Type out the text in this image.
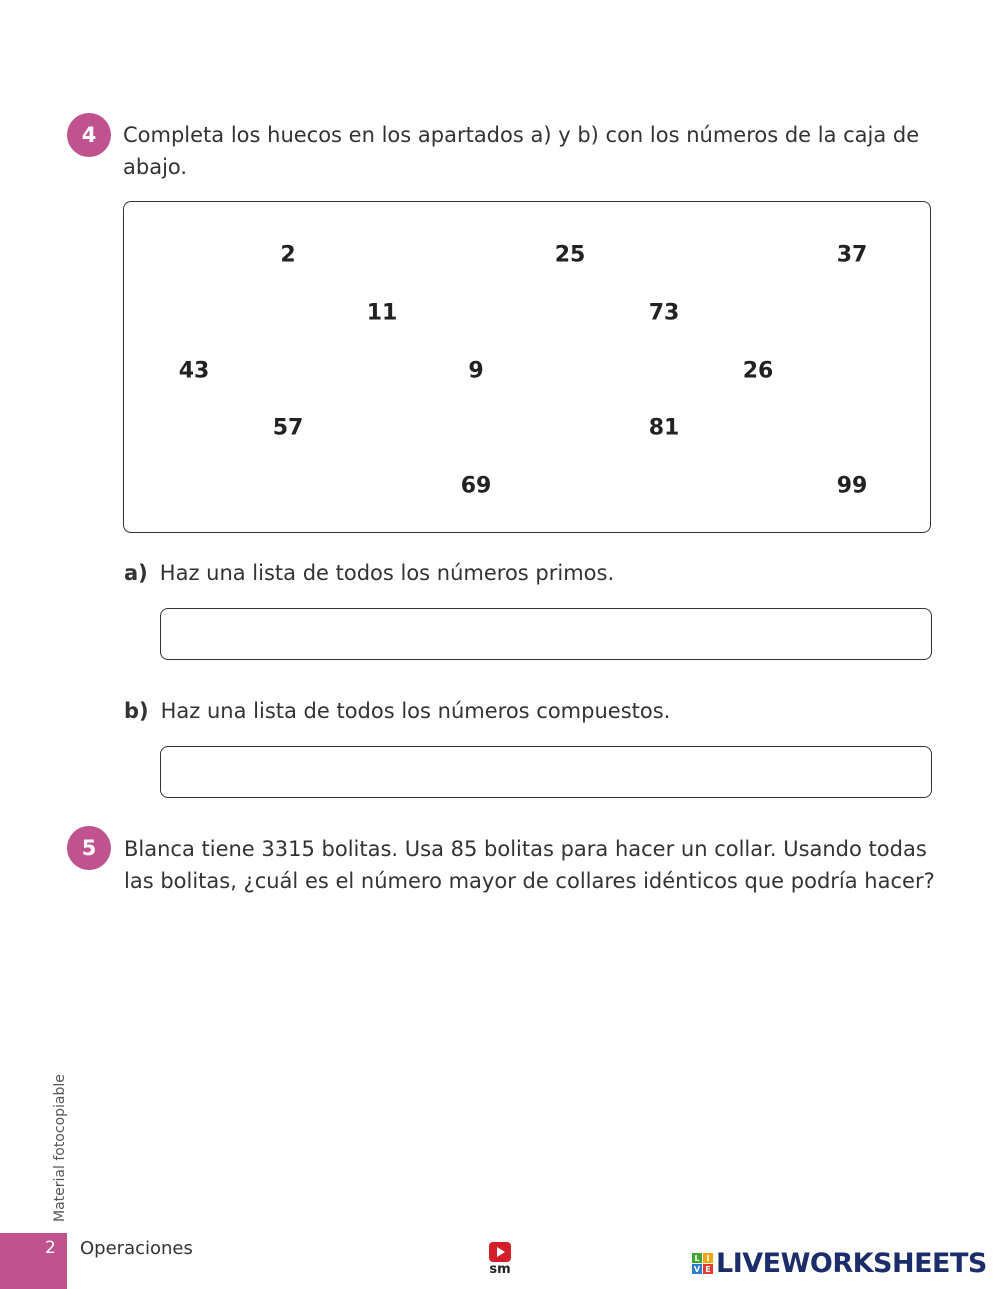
4	Completa los huecos en los apartados a) y b) con los números de la caja de abajo.
2	25	37
11	73
43	9	26
57	81
69	99
a) Haz una lista de todos los números primos.
b) Haz una lista de todos los números compuestos.
5	Blanca tiene 3315 bolitas. Usa 85 bolitas para hacer un collar. Usando todas las bolitas, ¿cuál es el número mayor de collares idénticos que podría hacer?
Material fotocopiable
2 Operaciones
sm
L I
V E LIVEWORKSHEETS
